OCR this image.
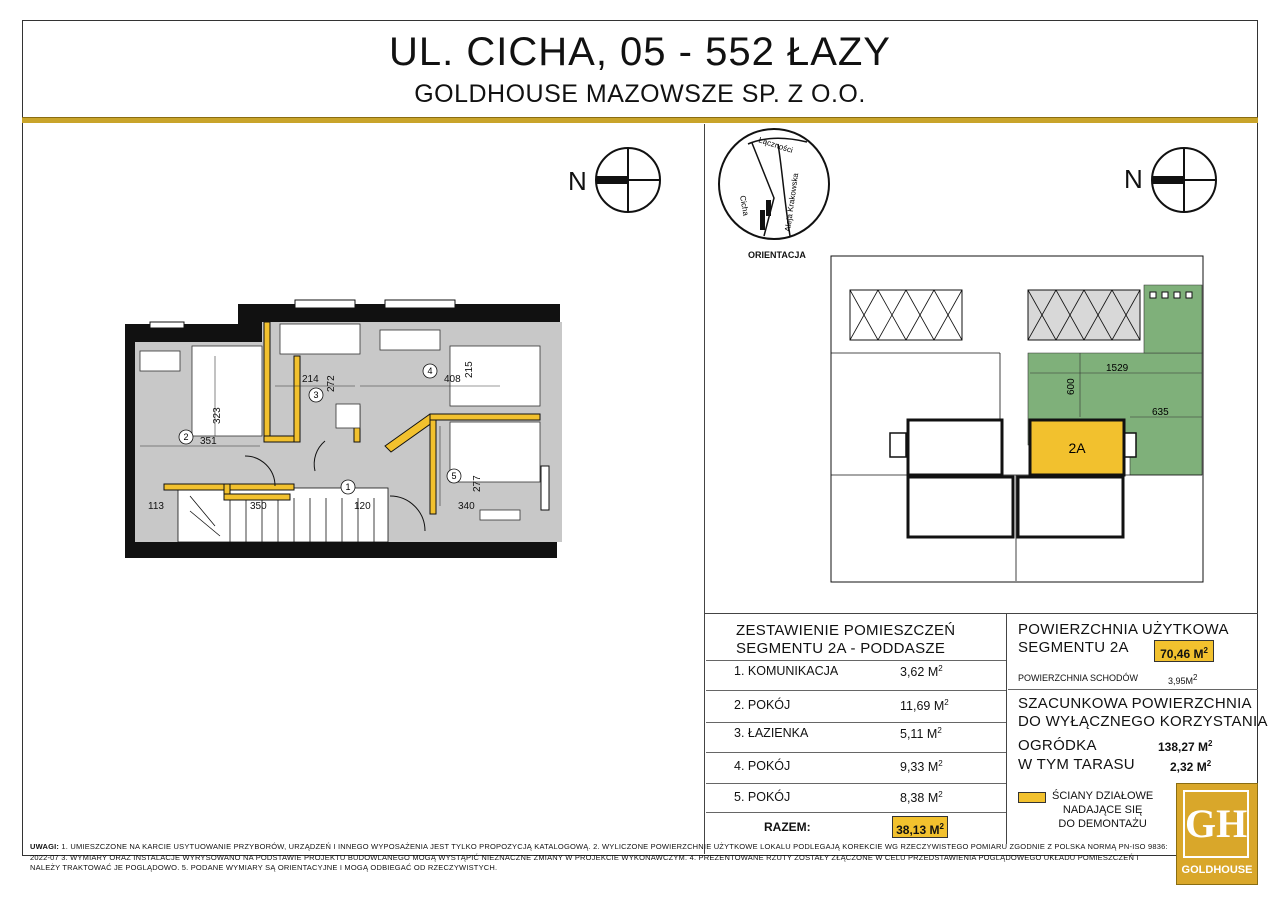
UL. CICHA, 05 - 552 ŁAZY
GOLDHOUSE MAZOWSZE SP. Z O.O.
N
Cicha
Łączności
Aleja Krakowska
ORIENTACJA
N
1
2
3
4
5
323
351
214 272	408
215
277
340
120
350
113
2A
1529
600
635
ZESTAWIENIE POMIESZCZEŃ
SEGMENTU 2A - PODDASZE
1. KOMUNIKACJA	3,62 $M^2$
2. POKÓJ	11,69 $M^2$
3. ŁAZIENKA	5,11 $M^2$
4. POKÓJ	9,33 $M^2$
5. POKÓJ	8,38 $M^2$
RAZEM:	38,13 $M^2$
POWIERZCHNIA UŻYTKOWA
SEGMENTU 2A	70,46 $M^2$
POWIERZCHNIA SCHODÓW	$3,95M^2$
SZACUNKOWA POWIERZCHNIA
DO WYŁĄCZNEGO KORZYSTANIA
OGRÓDKA	138,27 $M^2$
W TYM TARASU	2,32 $M^2$
ŚCIANY DZIAŁOWE
NADAJĄCE SIĘ
DO DEMONTAŻU GH
GOLDHOUSE
UWAGI: 1. UMIESZCZONE NA KARCIE USYTUOWANIE PRZYBORÓW, URZĄDZEŃ I INNEGO WYPOSAŻENIA JEST TYLKO PROPOZYCJĄ KATALOGOWĄ. 2. WYLICZONE POWIERZCHNIE UŻYTKOWE LOKALU PODLEGAJĄ KOREKCIE WG RZECZYWISTEGO POMIARU ZGODNIE Z POLSKA NORMĄ PN-ISO 9836: 2022-07 3. WYMIARY ORAZ INSTALACJE WYRYSOWANO NA PODSTAWIE PROJEKTU BUDOWLANEGO MOGĄ WYSTĄPIĆ NIEZNACZNE ZMIANY W PROJEKCIE WYKONAWCZYM. 4. PREZENTOWANE RZUTY ZOSTAŁY ZŁĄCZONE W CELU PRZEDSTAWIENIA POGLĄDOWEGO UKŁADU POMIESZCZEŃ I NALEŻY TRAKTOWAĆ JE POGLĄDOWO. 5. PODANE WYMIARY SĄ ORIENTACYJNE I MOGĄ ODBIEGAĆ OD RZECZYWISTYCH.
